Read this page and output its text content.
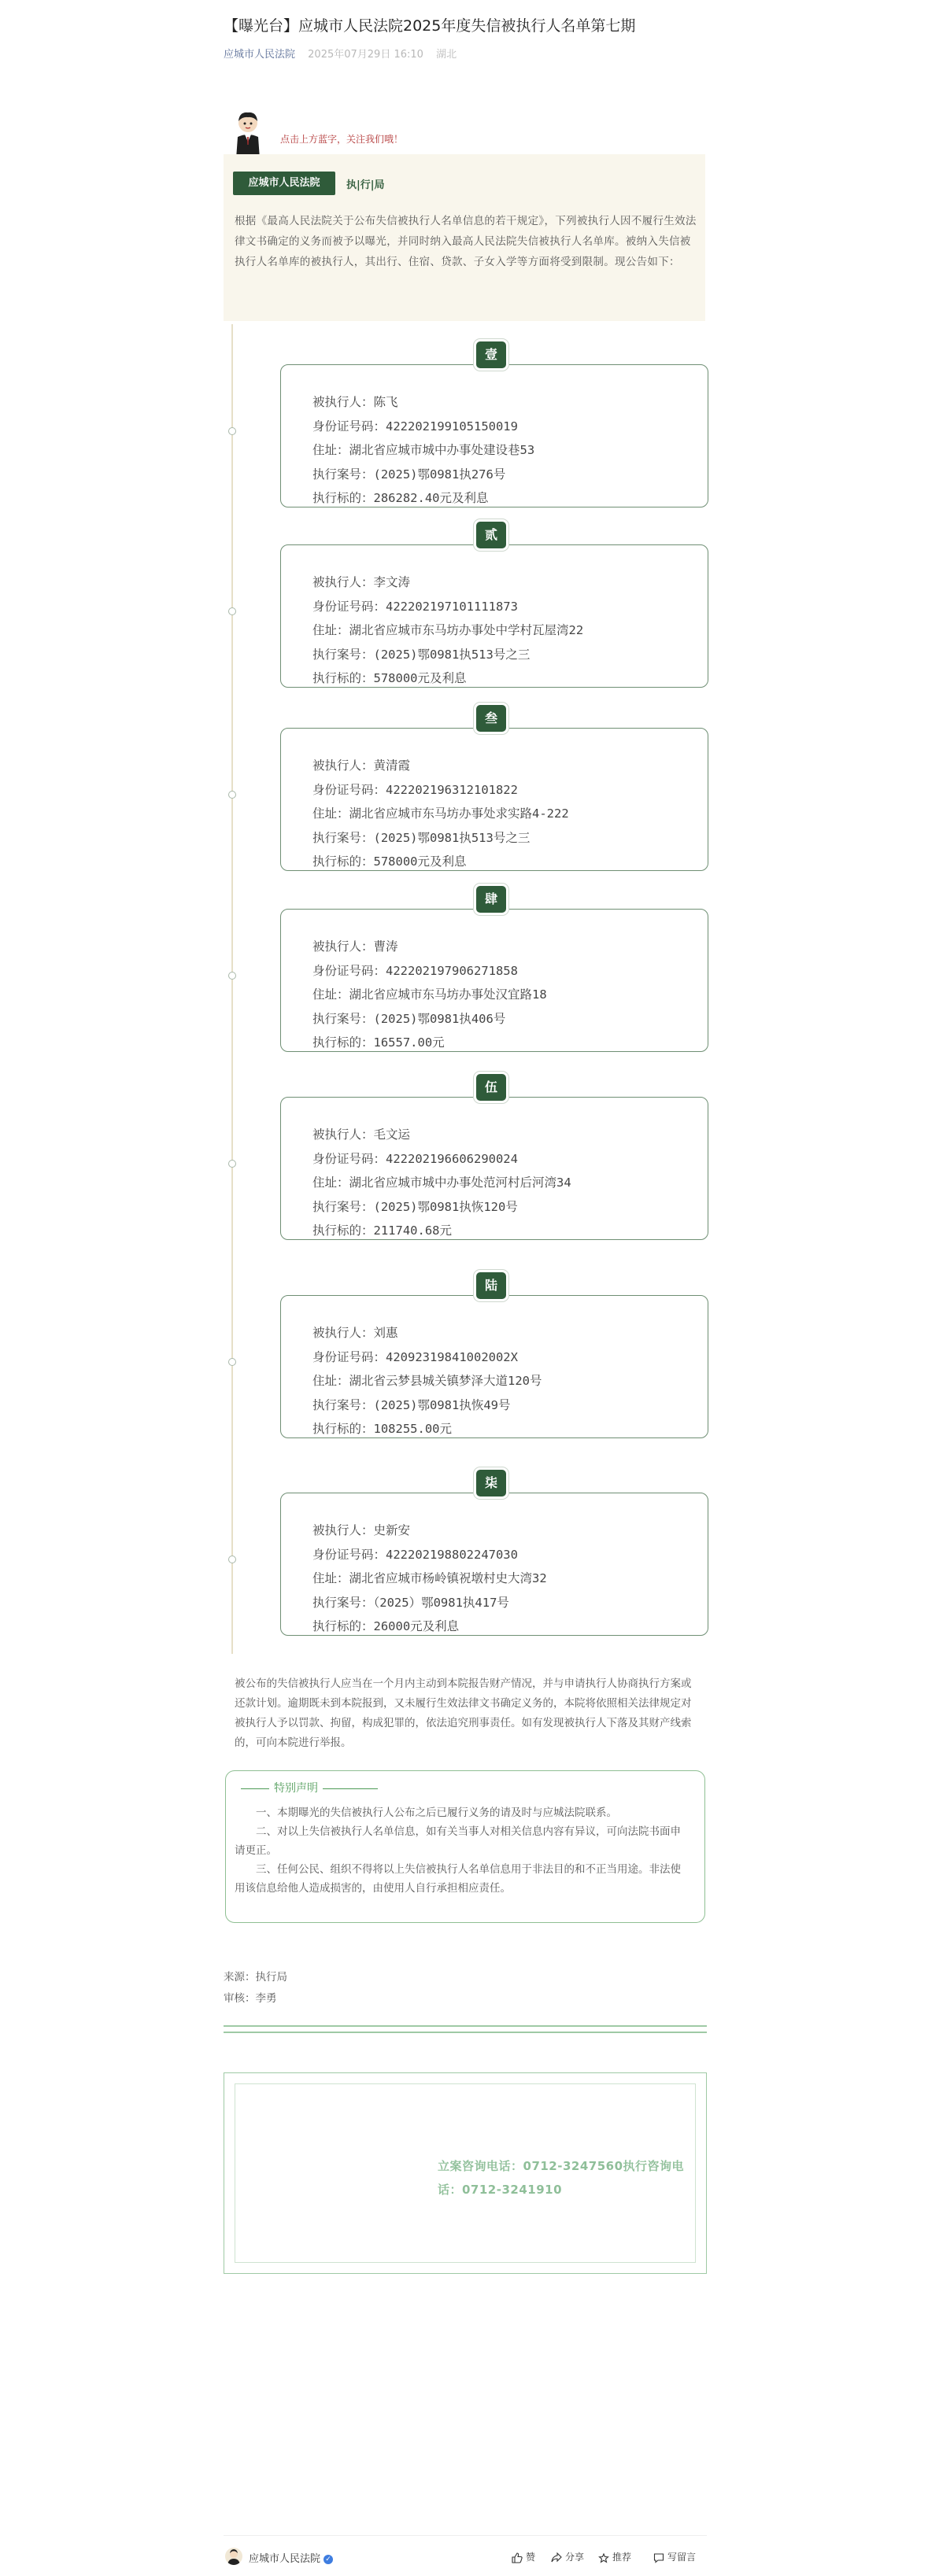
【曝光台】应城市人民法院2025年度失信被执行人名单第七期
应城市人民法院 2025年07月29日 16:10 湖北
点击上方蓝字，关注我们哦！
应城市人民法院	执|行|局
根据《最高人民法院关于公布失信被执行人名单信息的若干规定》，下列被执行人因不履行生效法律文书确定的义务而被予以曝光，并同时纳入最高人民法院失信被执行人名单库。被纳入失信被执行人名单库的被执行人，其出行、住宿、贷款、子女入学等方面将受到限制。现公告如下：
被执行人：陈飞
身份证号码：422202199105150019
住址：湖北省应城市城中办事处建设巷53
执行案号：(2025)鄂0981执276号
执行标的：286282.40元及利息
壹
被执行人：李文涛
身份证号码：422202197101111873
住址：湖北省应城市东马坊办事处中学村瓦屋湾22
执行案号：(2025)鄂0981执513号之三
执行标的：578000元及利息
贰
被执行人：黄清霞
身份证号码：422202196312101822
住址：湖北省应城市东马坊办事处求实路4-222
执行案号：(2025)鄂0981执513号之三
执行标的：578000元及利息
叁
被执行人：曹涛
身份证号码：422202197906271858
住址：湖北省应城市东马坊办事处汉宜路18
执行案号：(2025)鄂0981执406号
执行标的：16557.00元
肆
被执行人：毛文运
身份证号码：422202196606290024
住址：湖北省应城市城中办事处范河村后河湾34
执行案号：(2025)鄂0981执恢120号
执行标的：211740.68元
伍
被执行人：刘惠
身份证号码：42092319841002002X
住址：湖北省云梦县城关镇梦泽大道120号
执行案号：(2025)鄂0981执恢49号
执行标的：108255.00元
陆
被执行人：史新安
身份证号码：422202198802247030
住址：湖北省应城市杨岭镇祝墩村史大湾32
执行案号：（2025）鄂0981执417号
执行标的：26000元及利息
柒
被公布的失信被执行人应当在一个月内主动到本院报告财产情况，并与申请执行人协商执行方案或还款计划。逾期既未到本院报到，又未履行生效法律文书确定义务的，本院将依照相关法律规定对被执行人予以罚款、拘留，构成犯罪的，依法追究刑事责任。如有发现被执行人下落及其财产线索的，可向本院进行举报。
特别声明
一、本期曝光的失信被执行人公布之后已履行义务的请及时与应城法院联系。
二、对以上失信被执行人名单信息，如有关当事人对相关信息内容有异议，可向法院书面申请更正。
三、任何公民、组织不得将以上失信被执行人名单信息用于非法目的和不正当用途。非法使用该信息给他人造成损害的，由使用人自行承担相应责任。
来源：执行局
审核：李勇
立案咨询电话：0712-3247560执行咨询电话：0712-3241910
应城市人民法院 ✓	赞	分享	推荐	写留言
